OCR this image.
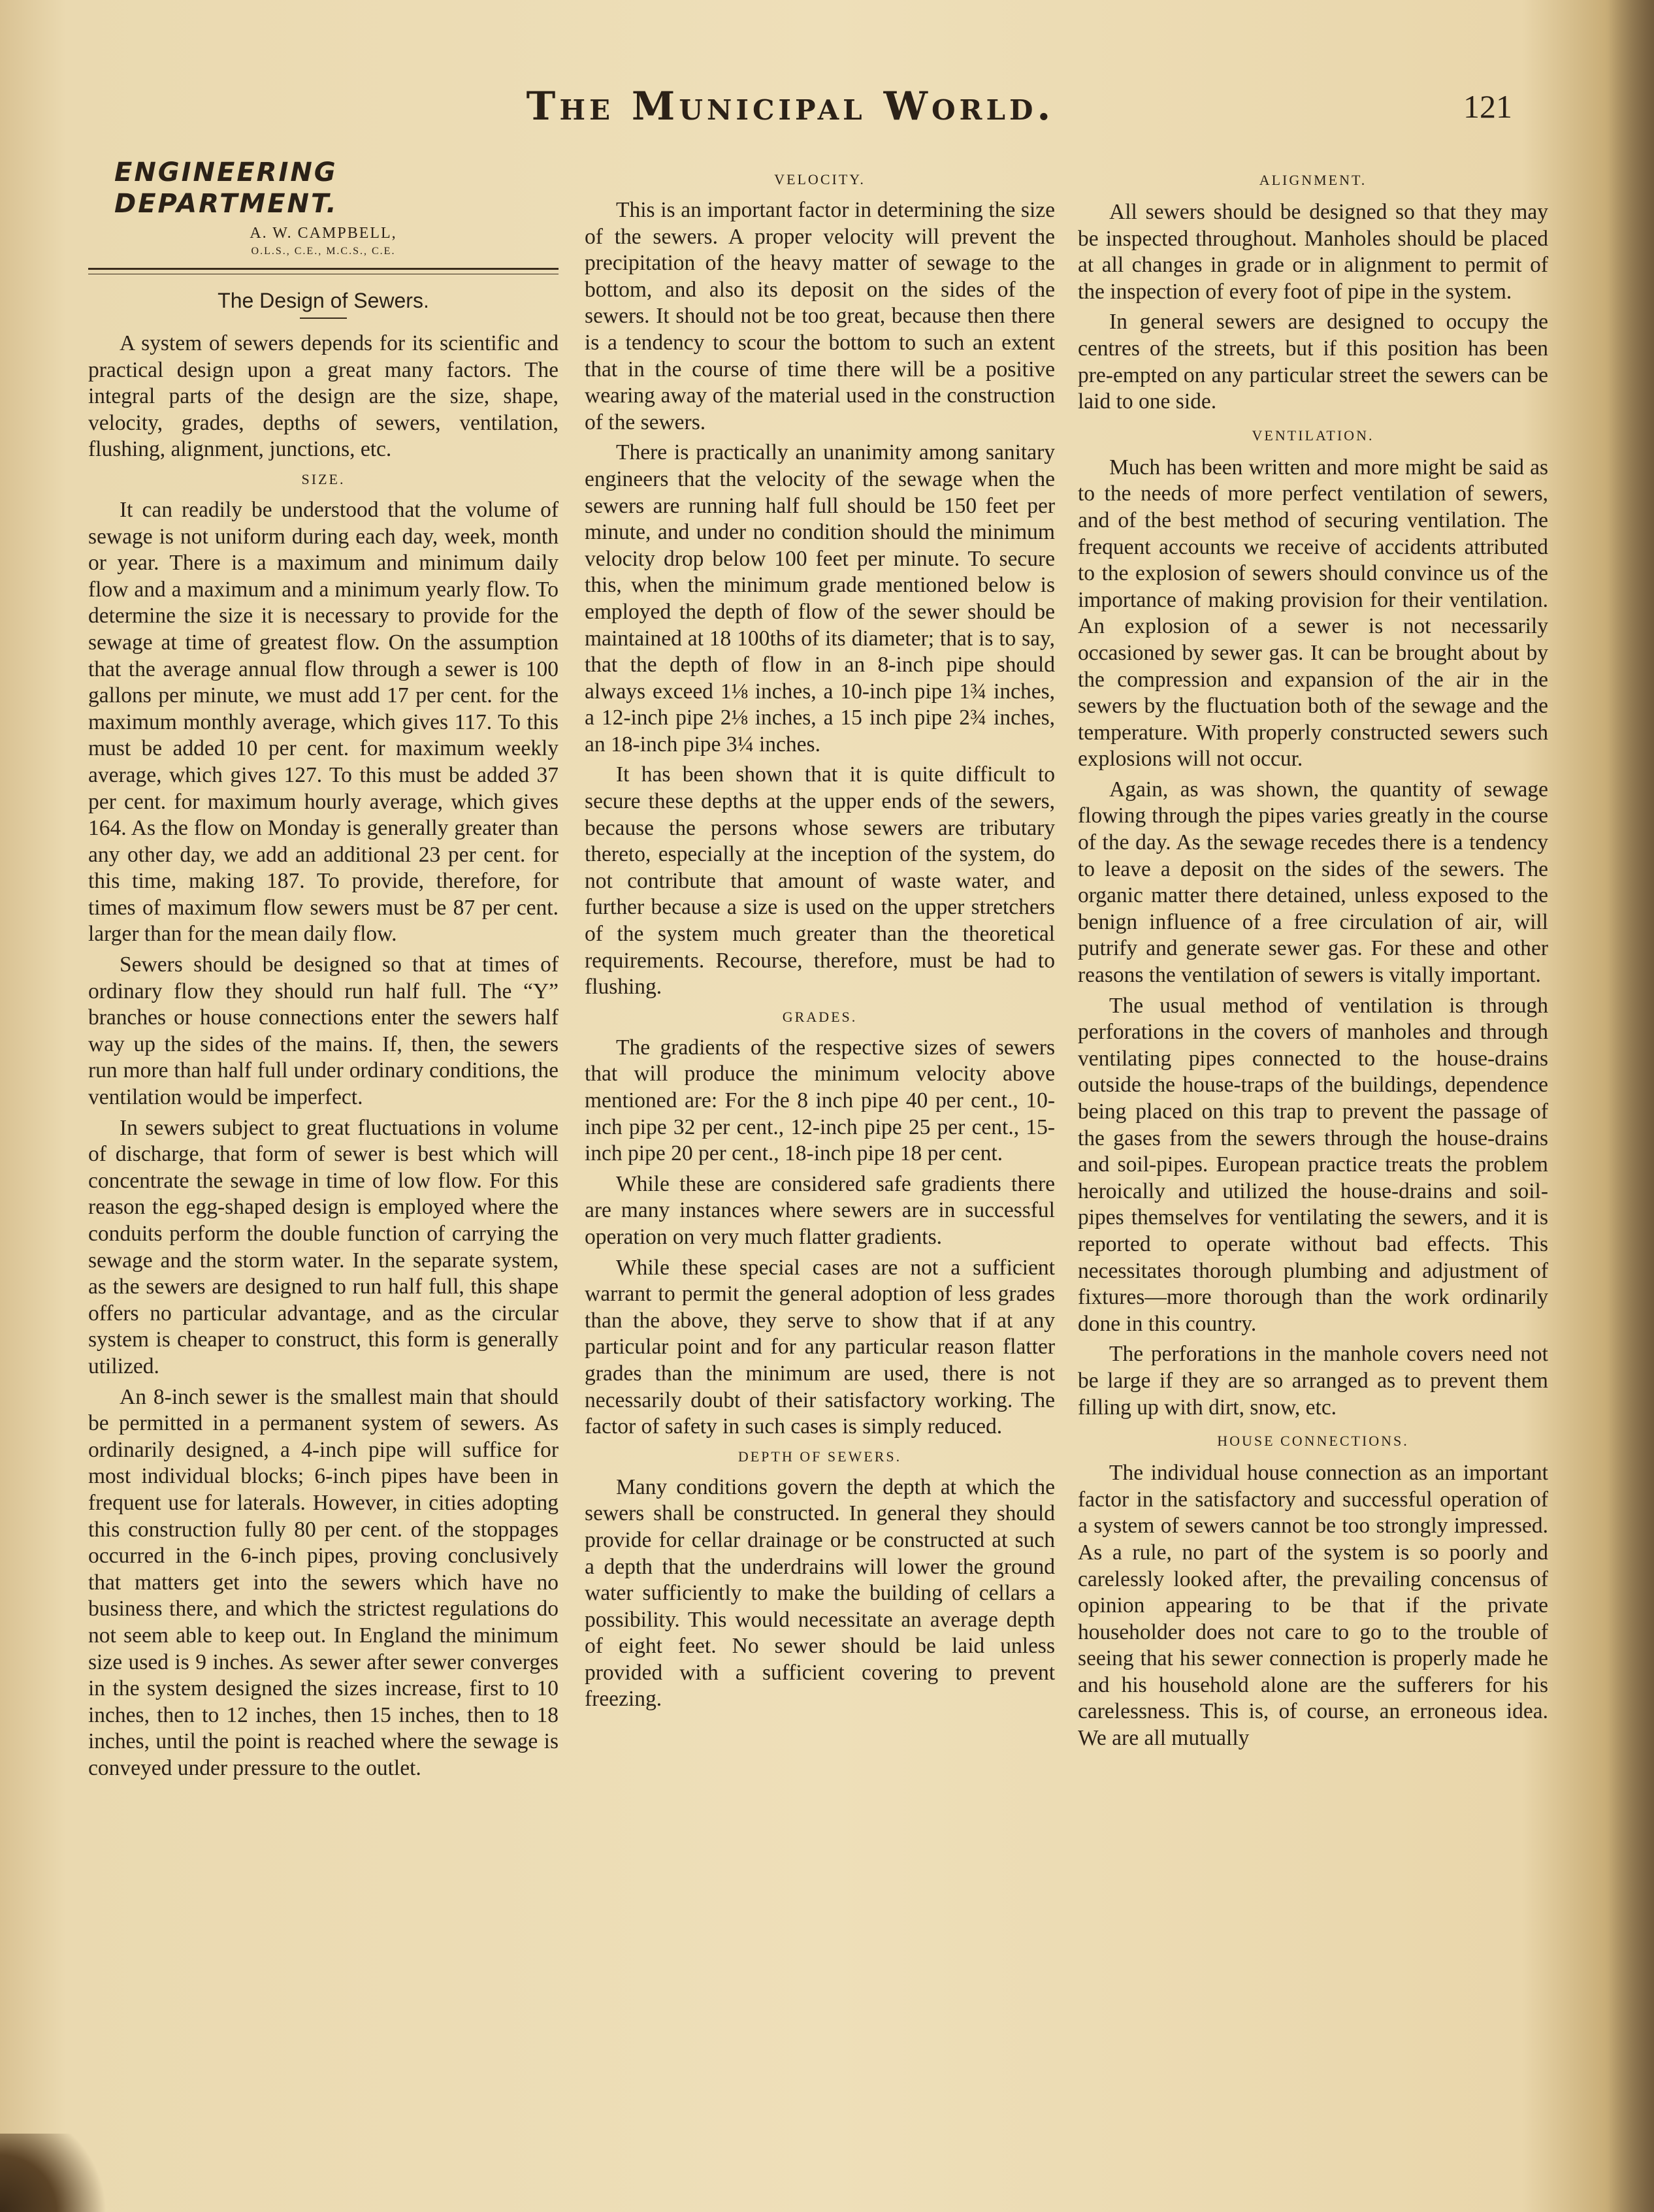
The Municipal World.	121
ENGINEERING DEPARTMENT.
A. W. CAMPBELL,
O.L.S., C.E., M.C.S., C.E.
The Design of Sewers.

A system of sewers depends for its scientific and practical design upon a great many factors. The integral parts of the design are the size, shape, velocity, grades, depths of sewers, ventilation, flushing, alignment, junctions, etc.

SIZE.

It can readily be understood that the volume of sewage is not uniform during each day, week, month or year. There is a maximum and minimum daily flow and a maximum and a minimum yearly flow. To determine the size it is necessary to provide for the sewage at time of greatest flow. On the assumption that the average annual flow through a sewer is 100 gallons per minute, we must add 17 per cent. for the maximum monthly average, which gives 117. To this must be added 10 per cent. for maximum weekly average, which gives 127. To this must be added 37 per cent. for maximum hourly average, which gives 164. As the flow on Monday is generally greater than any other day, we add an additional 23 per cent. for this time, making 187. To provide, therefore, for times of maximum flow sewers must be 87 per cent. larger than for the mean daily flow.

Sewers should be designed so that at times of ordinary flow they should run half full. The “Y” branches or house connections enter the sewers half way up the sides of the mains. If, then, the sewers run more than half full under ordinary conditions, the ventilation would be imperfect.

In sewers subject to great fluctuations in volume of discharge, that form of sewer is best which will concentrate the sewage in time of low flow. For this reason the egg-shaped design is employed where the conduits perform the double function of carrying the sewage and the storm water. In the separate system, as the sewers are designed to run half full, this shape offers no particular advantage, and as the circular system is cheaper to construct, this form is generally utilized.

An 8-inch sewer is the smallest main that should be permitted in a permanent system of sewers. As ordinarily designed, a 4-inch pipe will suffice for most individual blocks; 6-inch pipes have been in frequent use for laterals. However, in cities adopting this construction fully 80 per cent. of the stoppages occurred in the 6-inch pipes, proving conclusively that matters get into the sewers which have no business there, and which the strictest regulations do not seem able to keep out. In England the minimum size used is 9 inches. As sewer after sewer converges in the system designed the sizes increase, first to 10 inches, then to 12 inches, then 15 inches, then to 18 inches, until the point is reached where the sewage is conveyed under pressure to the outlet.

VELOCITY.

This is an important factor in determining the size of the sewers. A proper velocity will prevent the precipitation of the heavy matter of sewage to the bottom, and also its deposit on the sides of the sewers. It should not be too great, because then there is a tendency to scour the bottom to such an extent that in the course of time there will be a positive wearing away of the material used in the construction of the sewers.

There is practically an unanimity among sanitary engineers that the velocity of the sewage when the sewers are running half full should be 150 feet per minute, and under no condition should the minimum velocity drop below 100 feet per minute. To secure this, when the minimum grade mentioned below is employed the depth of flow of the sewer should be maintained at 18 100ths of its diameter; that is to say, that the depth of flow in an 8-inch pipe should always exceed 1⅛ inches, a 10-inch pipe 1¾ inches, a 12-inch pipe 2⅛ inches, a 15 inch pipe 2¾ inches, an 18-inch pipe 3¼ inches.

It has been shown that it is quite difficult to secure these depths at the upper ends of the sewers, because the persons whose sewers are tributary thereto, especially at the inception of the system, do not contribute that amount of waste water, and further because a size is used on the upper stretchers of the system much greater than the theoretical requirements. Recourse, therefore, must be had to flushing.

GRADES.

The gradients of the respective sizes of sewers that will produce the minimum velocity above mentioned are: For the 8 inch pipe 40 per cent., 10-inch pipe 32 per cent., 12-inch pipe 25 per cent., 15-inch pipe 20 per cent., 18-inch pipe 18 per cent.

While these are considered safe gradients there are many instances where sewers are in successful operation on very much flatter gradients.

While these special cases are not a sufficient warrant to permit the general adoption of less grades than the above, they serve to show that if at any particular point and for any particular reason flatter grades than the minimum are used, there is not necessarily doubt of their satisfactory working. The factor of safety in such cases is simply reduced.

DEPTH OF SEWERS.

Many conditions govern the depth at which the sewers shall be constructed. In general they should provide for cellar drainage or be constructed at such a depth that the underdrains will lower the ground water sufficiently to make the building of cellars a possibility. This would necessitate an average depth of eight feet. No sewer should be laid unless provided with a sufficient covering to prevent freezing.

ALIGNMENT.

All sewers should be designed so that they may be inspected throughout. Manholes should be placed at all changes in grade or in alignment to permit of the inspection of every foot of pipe in the system.

In general sewers are designed to occupy the centres of the streets, but if this position has been pre-empted on any particular street the sewers can be laid to one side.

VENTILATION.

Much has been written and more might be said as to the needs of more perfect ventilation of sewers, and of the best method of securing ventilation. The frequent accounts we receive of accidents attributed to the explosion of sewers should convince us of the importance of making provision for their ventilation. An explosion of a sewer is not necessarily occasioned by sewer gas. It can be brought about by the compression and expansion of the air in the sewers by the fluctuation both of the sewage and the temperature. With properly constructed sewers such explosions will not occur.

Again, as was shown, the quantity of sewage flowing through the pipes varies greatly in the course of the day. As the sewage recedes there is a tendency to leave a deposit on the sides of the sewers. The organic matter there detained, unless exposed to the benign influence of a free circulation of air, will putrify and generate sewer gas. For these and other reasons the ventilation of sewers is vitally important.

The usual method of ventilation is through perforations in the covers of manholes and through ventilating pipes connected to the house-drains outside the house-traps of the buildings, dependence being placed on this trap to prevent the passage of the gases from the sewers through the house-drains and soil-pipes. European practice treats the problem heroically and utilized the house-drains and soil-pipes themselves for ventilating the sewers, and it is reported to operate without bad effects. This necessitates thorough plumbing and adjustment of fixtures—more thorough than the work ordinarily done in this country.

The perforations in the manhole covers need not be large if they are so arranged as to prevent them filling up with dirt, snow, etc.

HOUSE CONNECTIONS.

The individual house connection as an important factor in the satisfactory and successful operation of a system of sewers cannot be too strongly impressed. As a rule, no part of the system is so poorly and carelessly looked after, the prevailing concensus of opinion appearing to be that if the private householder does not care to go to the trouble of seeing that his sewer connection is properly made he and his household alone are the sufferers for his carelessness. This is, of course, an erroneous idea. We are all mutually
